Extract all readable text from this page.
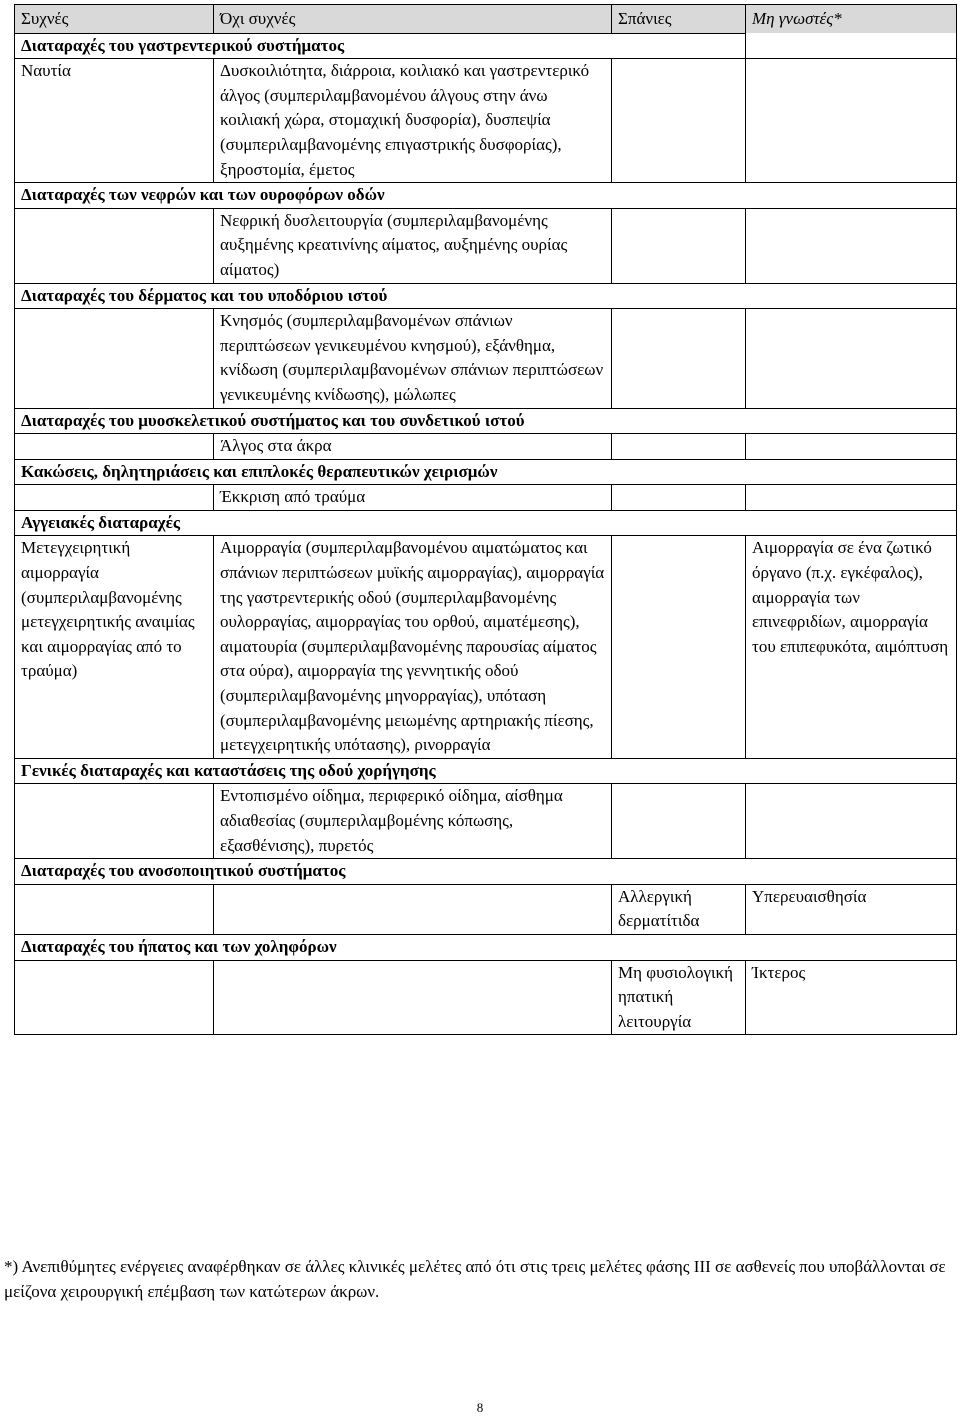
Συχνές	Όχι συχνές	Σπάνιες	Μη γνωστές*
Διαταραχές του γαστρεντερικού συστήματος			
Ναυτία	Δυσκοιλιότητα, διάρροια, κοιλιακό και γαστρεντερικό άλγος (συμπεριλαμβανομένου άλγους στην άνω κοιλιακή χώρα, στομαχική δυσφορία), δυσπεψία (συμπεριλαμβανομένης επιγαστρικής δυσφορίας), ξηροστομία, έμετος		
Διαταραχές των νεφρών και των ουροφόρων οδών			
	Νεφρική δυσλειτουργία (συμπεριλαμβανομένης αυξημένης κρεατινίνης αίματος, αυξημένης ουρίας αίματος)		
Διαταραχές του δέρματος και του υποδόριου ιστού			
	Κνησμός (συμπεριλαμβανομένων σπάνιων περιπτώσεων γενικευμένου κνησμού), εξάνθημα, κνίδωση (συμπεριλαμβανομένων σπάνιων περιπτώσεων γενικευμένης κνίδωσης), μώλωπες		
Διαταραχές του μυοσκελετικού συστήματος και του συνδετικού ιστού			
	Άλγος στα άκρα		
Κακώσεις, δηλητηριάσεις και επιπλοκές θεραπευτικών χειρισμών			
	Έκκριση από τραύμα		
Αγγειακές διαταραχές			
Μετεγχειρητική αιμορραγία (συμπεριλαμβανομένης μετεγχειρητικής αναιμίας και αιμορραγίας από το τραύμα)	Αιμορραγία (συμπεριλαμβανομένου αιματώματος και σπάνιων περιπτώσεων μυϊκής αιμορραγίας), αιμορραγία της γαστρεντερικής οδού (συμπεριλαμβανομένης ουλορραγίας, αιμορραγίας του ορθού, αιματέμεσης), αιματουρία (συμπεριλαμβανομένης παρουσίας αίματος στα ούρα), αιμορραγία της γεννητικής οδού (συμπεριλαμβανομένης μηνορραγίας), υπόταση (συμπεριλαμβανομένης μειωμένης αρτηριακής πίεσης, μετεγχειρητικής υπότασης), ρινορραγία		Αιμορραγία σε ένα ζωτικό όργανο (π.χ. εγκέφαλος), αιμορραγία των επινεφριδίων, αιμορραγία του επιπεφυκότα, αιμόπτυση
Γενικές διαταραχές και καταστάσεις της οδού χορήγησης			
	Εντοπισμένο οίδημα, περιφερικό οίδημα, αίσθημα αδιαθεσίας (συμπεριλαμβομένης κόπωσης, εξασθένισης), πυρετός		
Διαταραχές του ανοσοποιητικού συστήματος			
		Αλλεργική δερματίτιδα	Υπερευαισθησία
Διαταραχές του ήπατος και των χοληφόρων			
		Μη φυσιολογική ηπατική λειτουργία	Ίκτερος
*) Ανεπιθύμητες ενέργειες αναφέρθηκαν σε άλλες κλινικές μελέτες από ότι στις τρεις μελέτες φάσης ΙΙΙ σε ασθενείς που υποβάλλονται σε μείζονα χειρουργική επέμβαση των κατώτερων άκρων.
8
